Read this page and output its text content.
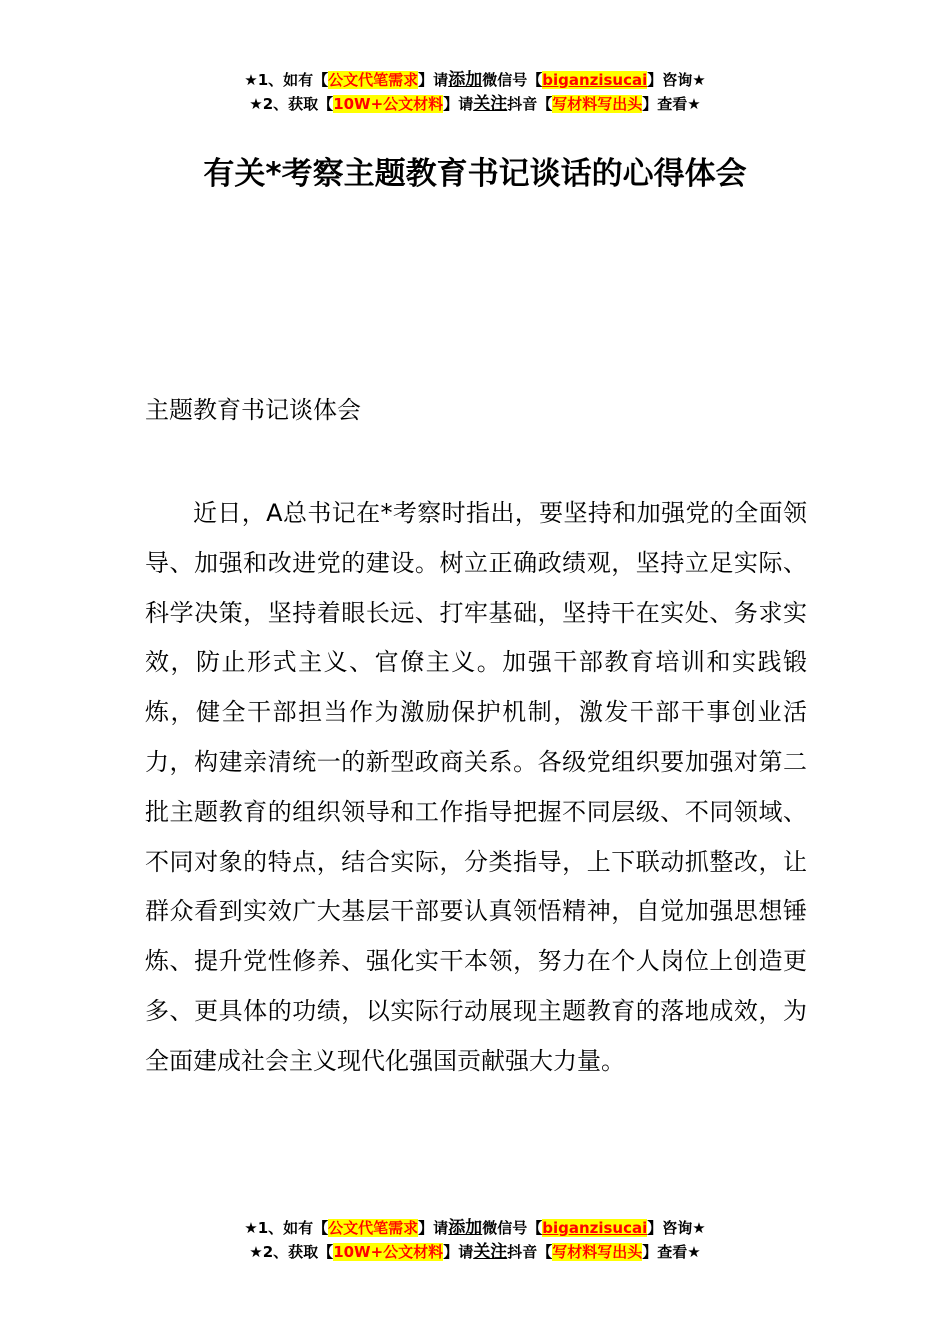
★1、如有【公文代笔需求】请添加微信号【biganzisucai】咨询★
★2、获取【10W+公文材料】请关注抖音【写材料写出头】查看★
有关*考察主题教育书记谈话的心得体会
主题教育书记谈体会

近日，A总书记在*考察时指出，要坚持和加强党的全面领导、加强和改进党的建设。树立正确政绩观，坚持立足实际、科学决策，坚持着眼长远、打牢基础，坚持干在实处、务求实效，防止形式主义、官僚主义。加强干部教育培训和实践锻炼，健全干部担当作为激励保护机制，激发干部干事创业活力，构建亲清统一的新型政商关系。各级党组织要加强对第二批主题教育的组织领导和工作指导把握不同层级、不同领域、不同对象的特点，结合实际，分类指导，上下联动抓整改，让群众看到实效广大基层干部要认真领悟精神，自觉加强思想锤炼、提升党性修养、强化实干本领，努力在个人岗位上创造更多、更具体的功绩，以实际行动展现主题教育的落地成效，为全面建成社会主义现代化强国贡献强大力量。

★1、如有【公文代笔需求】请添加微信号【biganzisucai】咨询★
★2、获取【10W+公文材料】请关注抖音【写材料写出头】查看★
